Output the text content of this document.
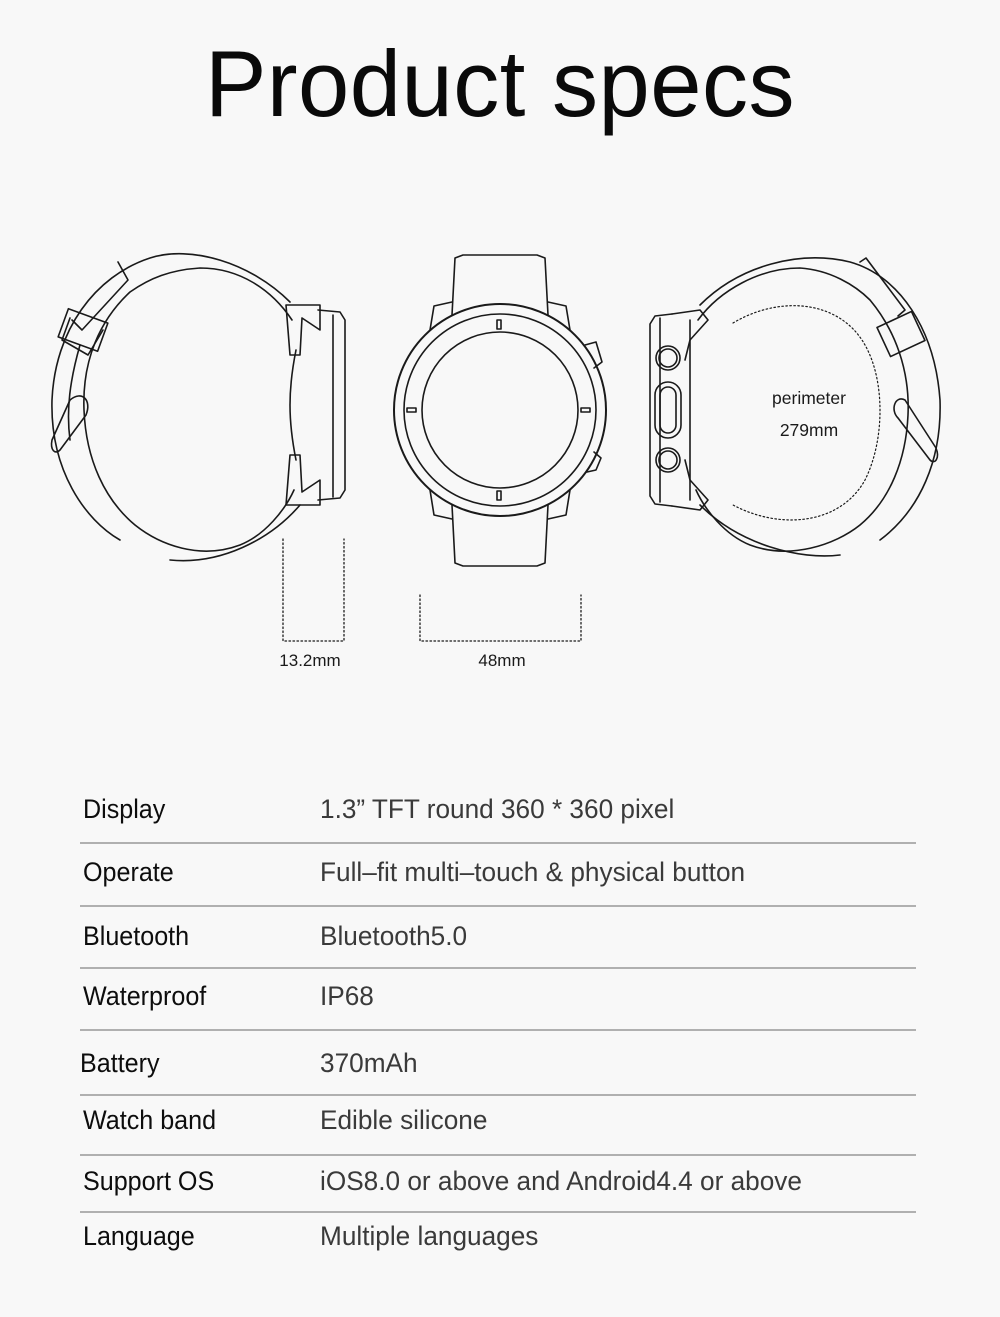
Product specs
13.2mm	48mm
perimeter
279mm
Display	1.3” TFT round 360 * 360 pixel
Operate	Full–fit multi–touch & physical button
Bluetooth	Bluetooth5.0
Waterproof	IP68
Battery	370mAh
Watch band	Edible silicone
Support OS	iOS8.0 or above and Android4.4 or above
Language	Multiple languages
